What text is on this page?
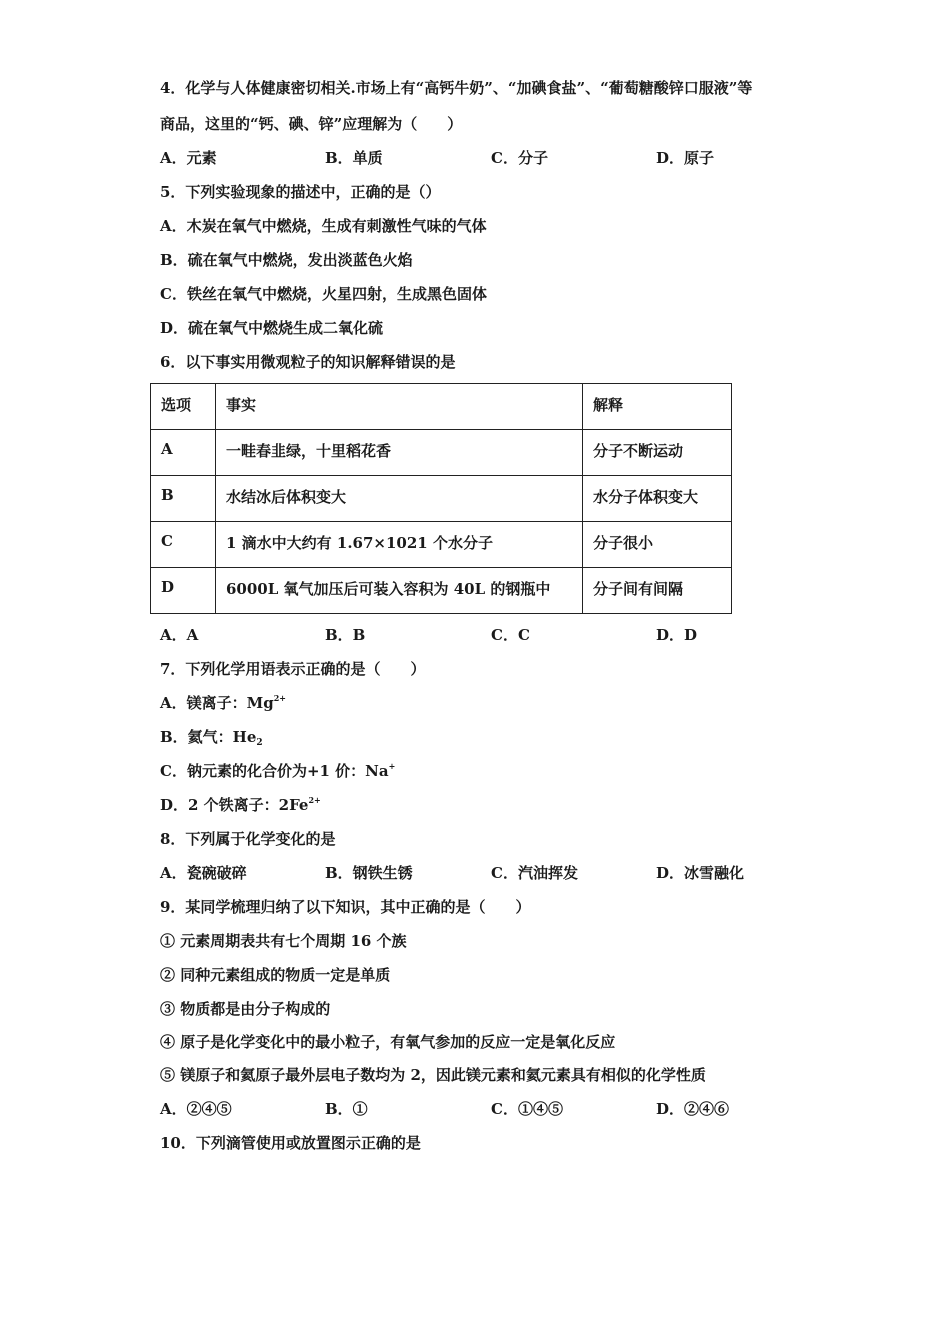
4．化学与人体健康密切相关.市场上有“高钙牛奶”、“加碘食盐”、“葡萄糖酸锌口服液”等
商品，这里的“钙、碘、锌”应理解为（　　）
A．元素	B．单质	C．分子	D．原子
5．下列实验现象的描述中，正确的是（）
A．木炭在氧气中燃烧，生成有刺激性气味的气体
B．硫在氧气中燃烧，发出淡蓝色火焰
C．铁丝在氧气中燃烧，火星四射，生成黑色固体
D．硫在氧气中燃烧生成二氧化硫
6．以下事实用微观粒子的知识解释错误的是
选项	事实	解释
A	一畦春韭绿，十里稻花香	分子不断运动
B	水结冰后体积变大	水分子体积变大
C	1 滴水中大约有 1.67×1021 个水分子	分子很小
D	6000L 氧气加压后可装入容积为 40L 的钢瓶中	分子间有间隔
A．A	B．B	C．C	D．D
7．下列化学用语表示正确的是（　　）
A．镁离子：$Mg^{2+}$
B．氦气：$He_2$
C．钠元素的化合价为+1 价：Na+
D．2 个铁离子：$2Fe^{2+}$
8．下列属于化学变化的是
A．瓷碗破碎	B．钢铁生锈	C．汽油挥发	D．冰雪融化
9．某同学梳理归纳了以下知识，其中正确的是（　　）
① 元素周期表共有七个周期 16 个族
② 同种元素组成的物质一定是单质
③ 物质都是由分子构成的
④ 原子是化学变化中的最小粒子，有氧气参加的反应一定是氧化反应
⑤ 镁原子和氦原子最外层电子数均为 2，因此镁元素和氦元素具有相似的化学性质
A．②④⑤	B．①	C．①④⑤	D．②④⑥
10．下列滴管使用或放置图示正确的是
